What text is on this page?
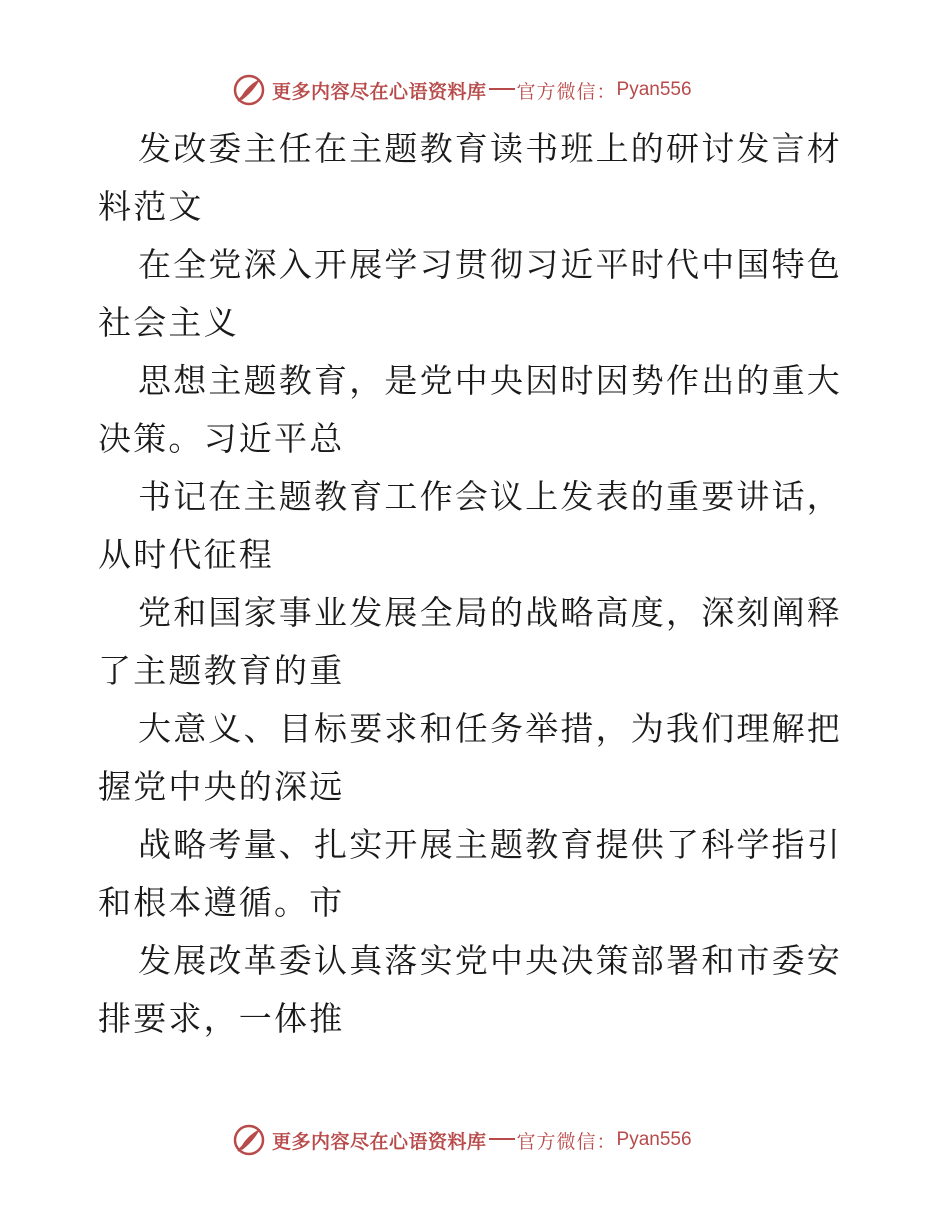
更多内容尽在心语资料库 官方微信： Pyan556

发改委主任在主题教育读书班上的研讨发言材料范文

在全党深入开展学习贯彻习近平时代中国特色社会主义

思想主题教育，是党中央因时因势作出的重大决策。习近平总

书记在主题教育工作会议上发表的重要讲话，从时代征程

党和国家事业发展全局的战略高度，深刻阐释了主题教育的重

大意义、目标要求和任务举措，为我们理解把握党中央的深远

战略考量、扎实开展主题教育提供了科学指引和根本遵循。市

发展改革委认真落实党中央决策部署和市委安排要求，一体推

更多内容尽在心语资料库 官方微信： Pyan556
